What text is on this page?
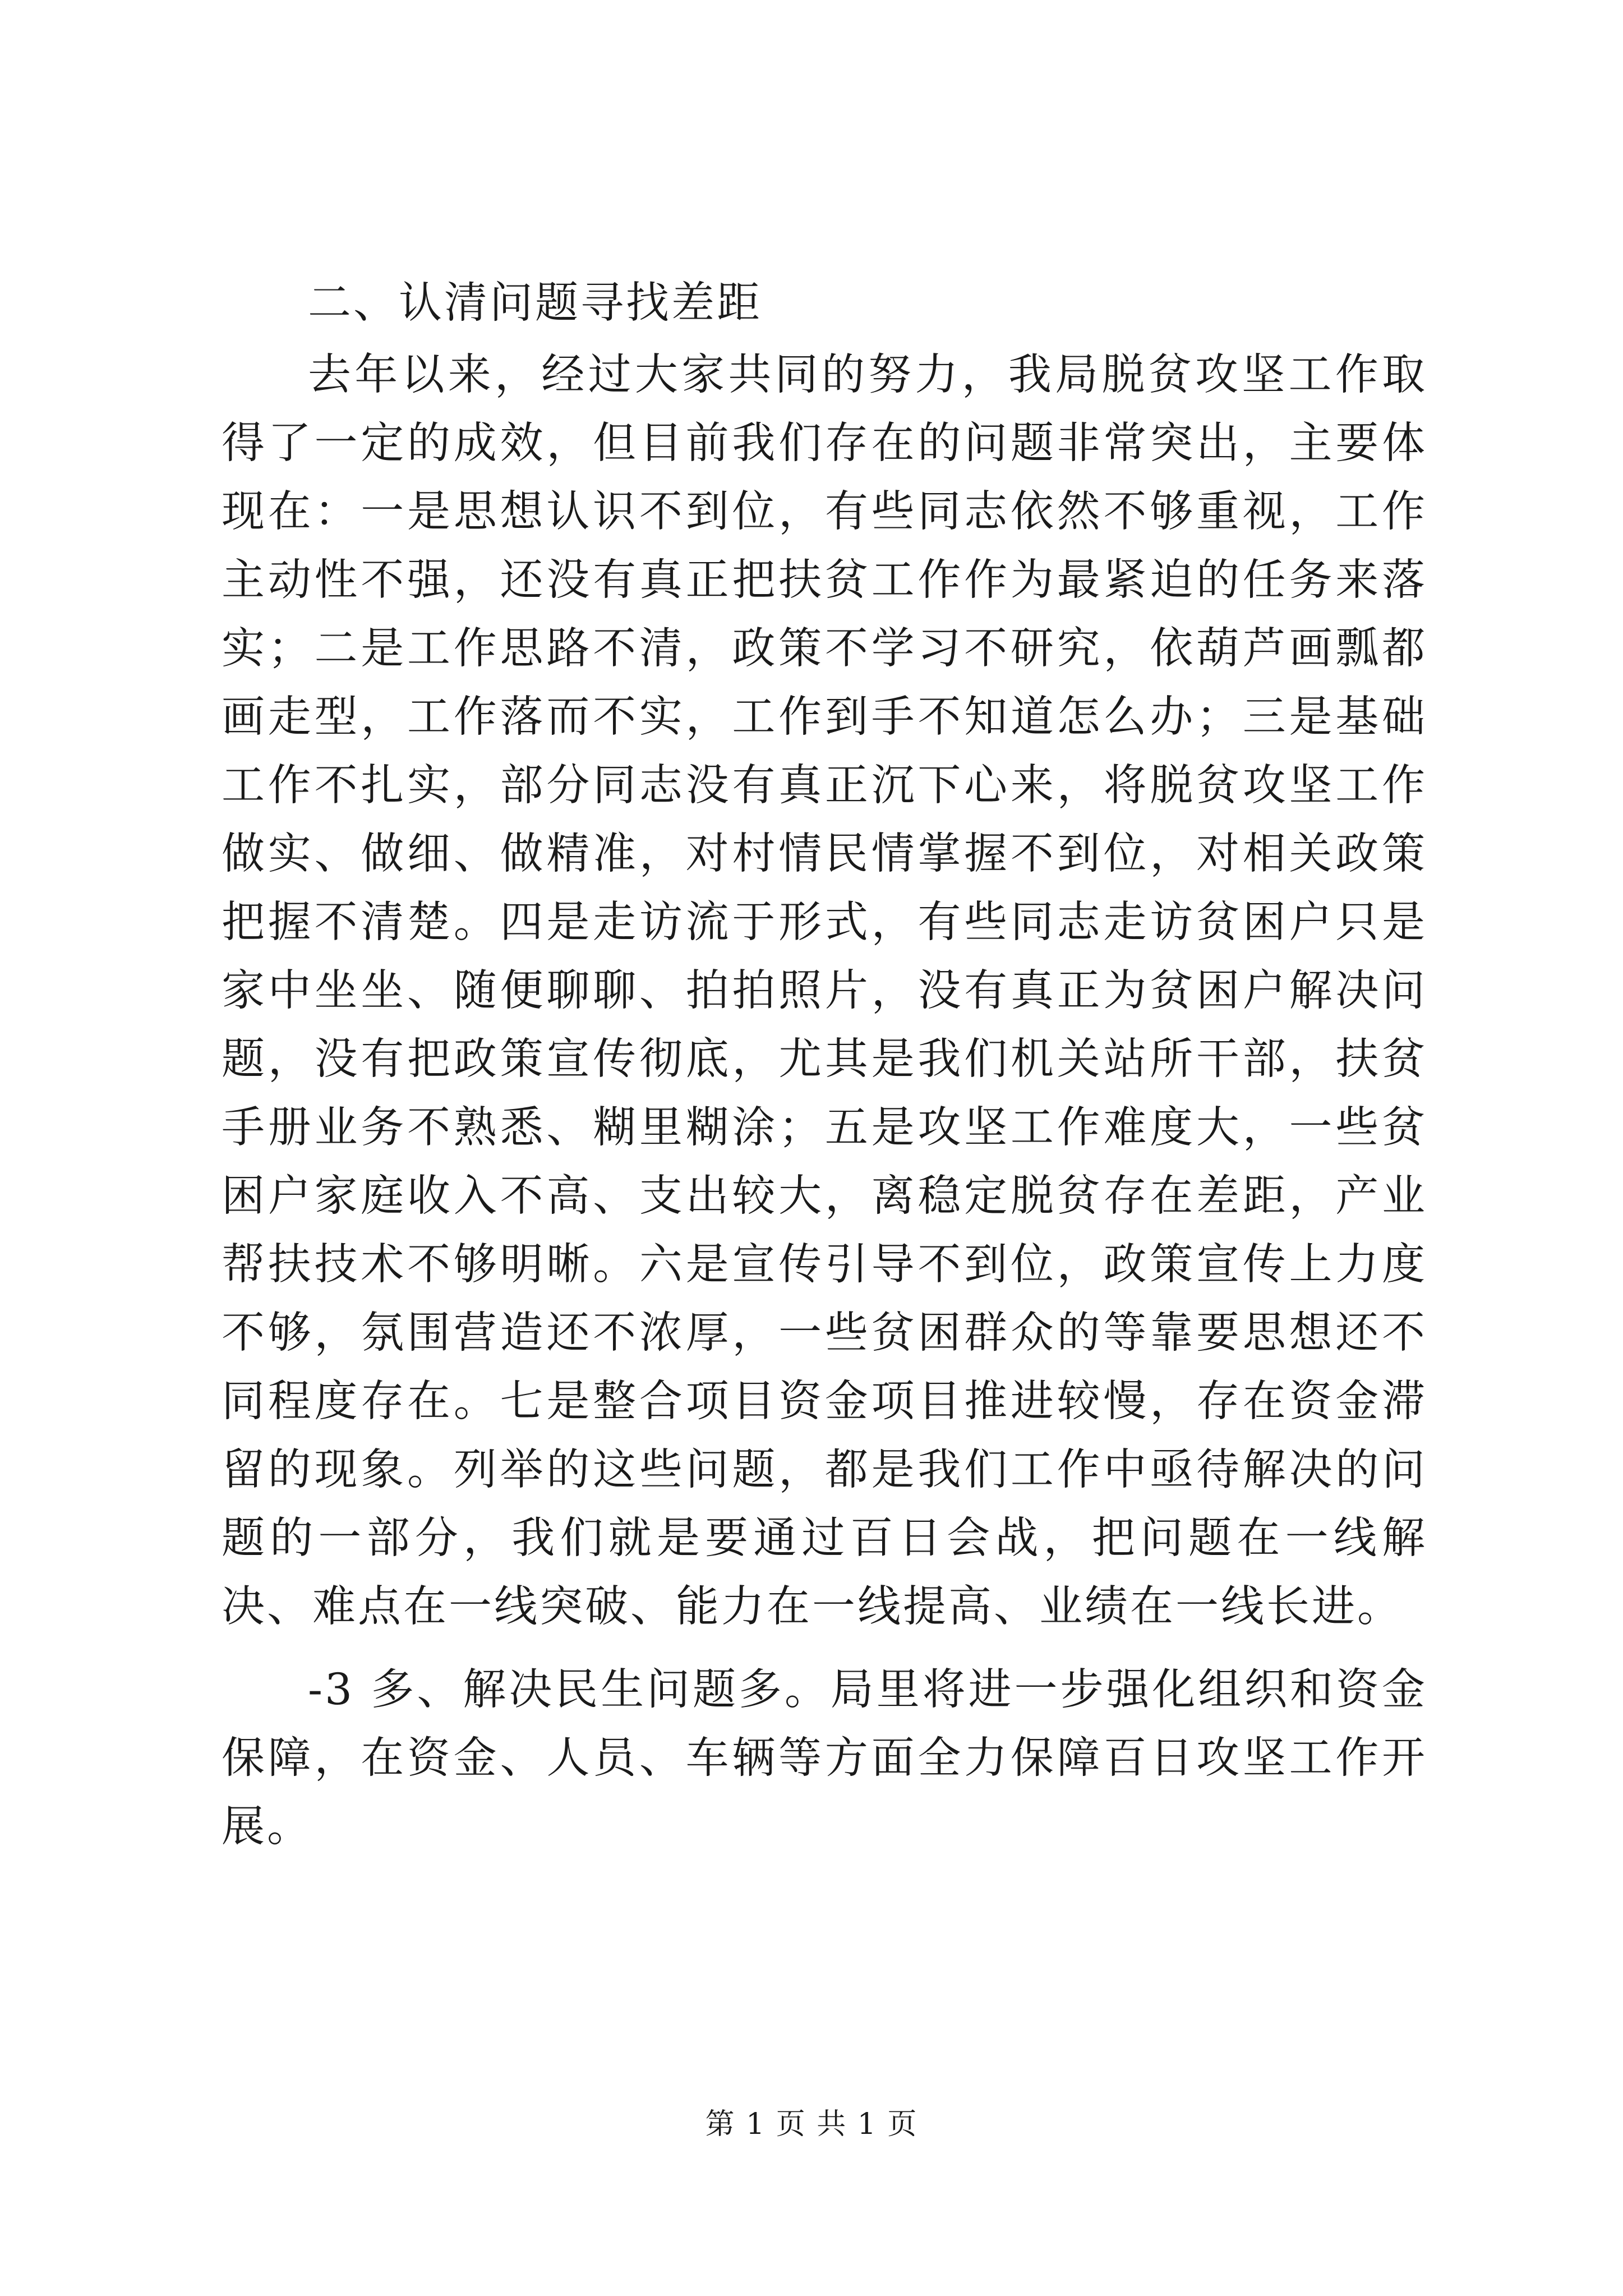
二、认清问题寻找差距

去年以来，经过大家共同的努力，我局脱贫攻坚工作取得了一定的成效，但目前我们存在的问题非常突出，主要体现在：一是思想认识不到位，有些同志依然不够重视，工作主动性不强，还没有真正把扶贫工作作为最紧迫的任务来落实；二是工作思路不清，政策不学习不研究，依葫芦画瓢都画走型，工作落而不实，工作到手不知道怎么办；三是基础工作不扎实，部分同志没有真正沉下心来，将脱贫攻坚工作做实、做细、做精准，对村情民情掌握不到位，对相关政策把握不清楚。四是走访流于形式，有些同志走访贫困户只是家中坐坐、随便聊聊、拍拍照片，没有真正为贫困户解决问题，没有把政策宣传彻底，尤其是我们机关站所干部，扶贫手册业务不熟悉、糊里糊涂；五是攻坚工作难度大，一些贫困户家庭收入不高、支出较大，离稳定脱贫存在差距，产业帮扶技术不够明晰。六是宣传引导不到位，政策宣传上力度不够，氛围营造还不浓厚，一些贫困群众的等靠要思想还不同程度存在。七是整合项目资金项目推进较慢，存在资金滞留的现象。列举的这些问题，都是我们工作中亟待解决的问题的一部分，我们就是要通过百日会战，把问题在一线解决、难点在一线突破、能力在一线提高、业绩在一线长进。

-3 多、解决民生问题多。局里将进一步强化组织和资金保障，在资金、人员、车辆等方面全力保障百日攻坚工作开展。

第 1 页 共 1 页
